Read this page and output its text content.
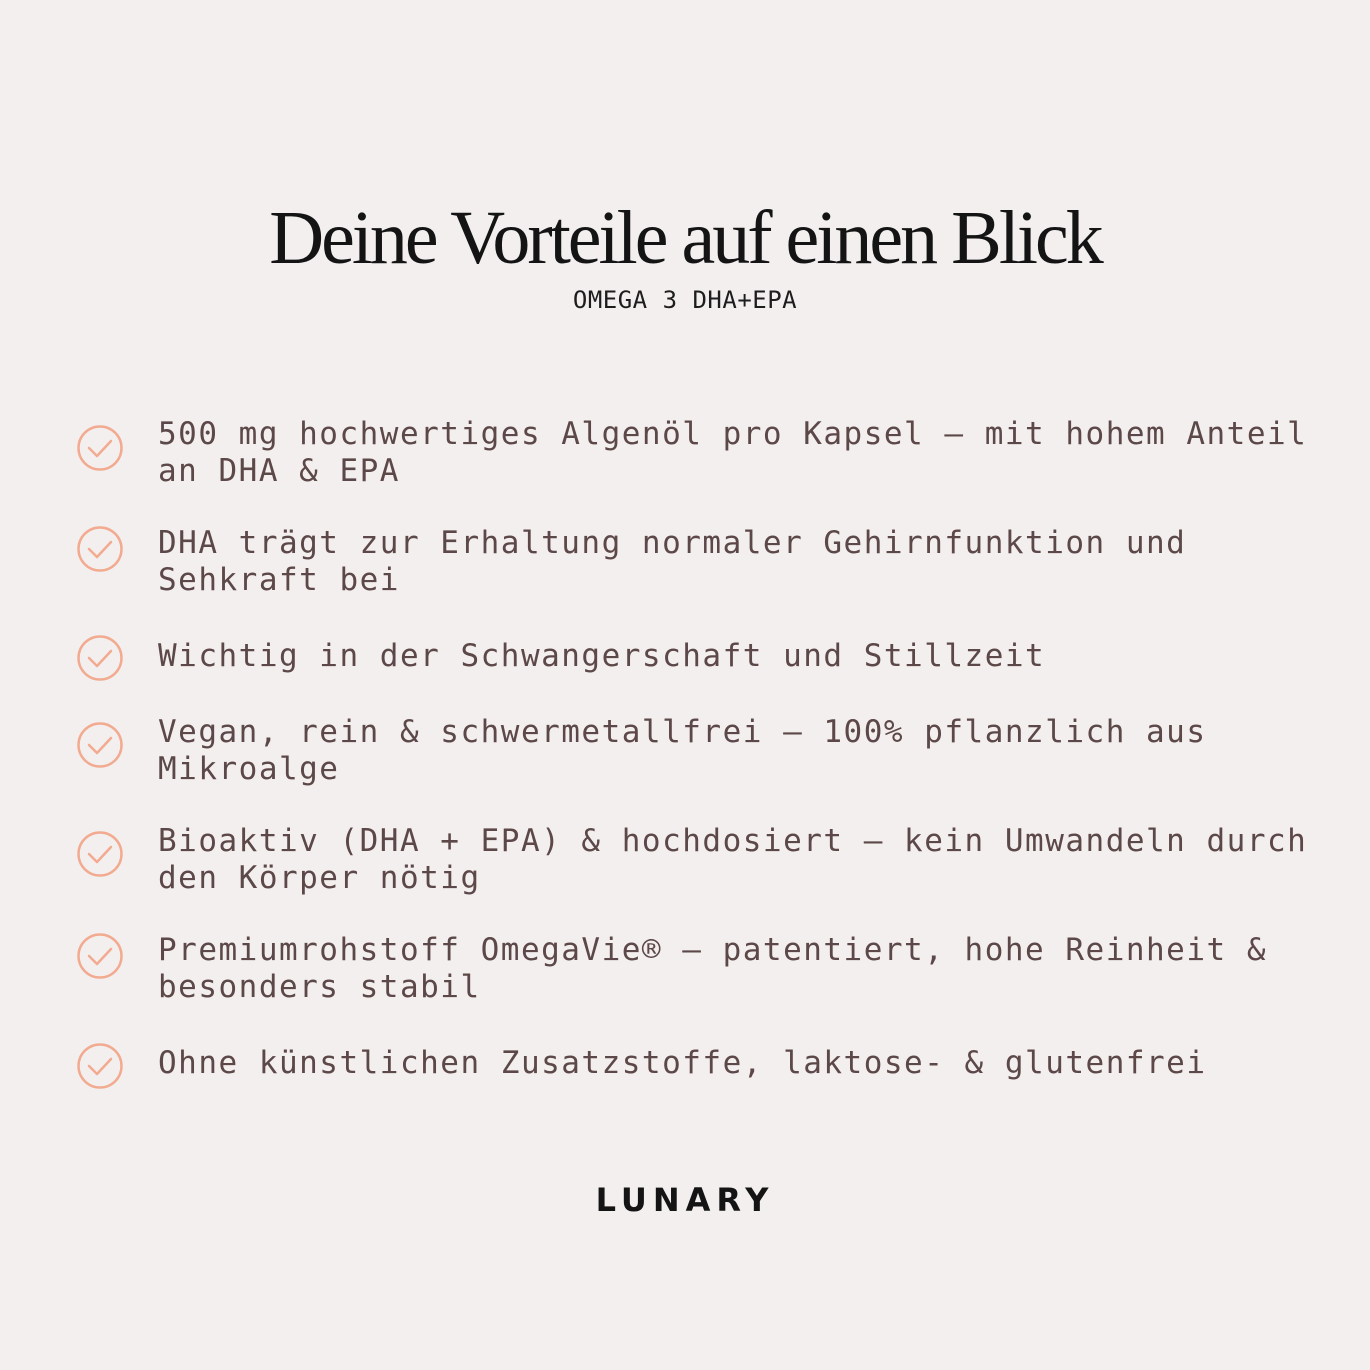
Deine Vorteile auf einen Blick
OMEGA 3 DHA+EPA
500 mg hochwertiges Algenöl pro Kapsel – mit hohem Anteil an DHA & EPA
DHA trägt zur Erhaltung normaler Gehirnfunktion und Sehkraft bei
Wichtig in der Schwangerschaft und Stillzeit
Vegan, rein & schwermetallfrei – 100% pflanzlich aus Mikroalge
Bioaktiv (DHA + EPA) & hochdosiert – kein Umwandeln durch den Körper nötig
Premiumrohstoff OmegaVie® – patentiert, hohe Reinheit & besonders stabil
Ohne künstlichen Zusatzstoffe, laktose- & glutenfrei
LUNARY
